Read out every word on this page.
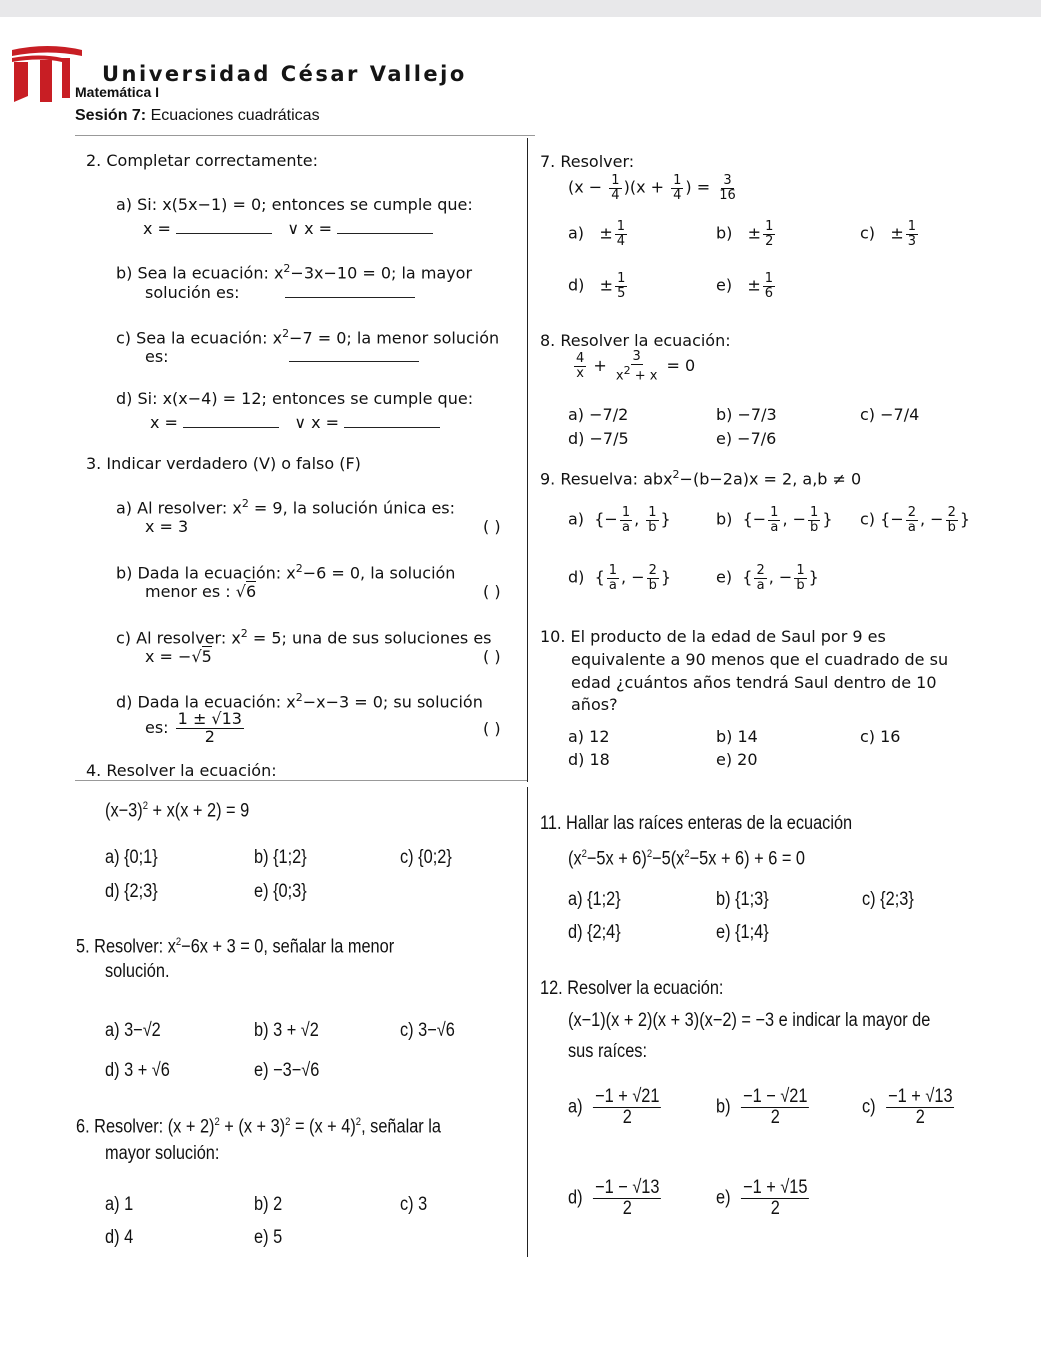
Universidad César Vallejo
Matemática I
Sesión 7: Ecuaciones cuadráticas
2. Completar correctamente:
a) Si: x(5x−1) = 0; entonces se cumple que:
x =	∨ x =
b) Sea la ecuación: $x^2-3x-10 = 0$; la mayor
solución es:
c) Sea la ecuación: $x^2-7 = 0$; la menor solución
es:
d) Si: x(x−4) = 12; entonces se cumple que:
x =	∨ x =
3. Indicar verdadero (V) o falso (F)
a) Al resolver: $x^2 = 9$, la solución única es:
x = 3	( )
b) Dada la ecuación: $x^2-6 = 0$, la solución
menor es : √6	( )
c) Al resolver: $x^2 = 5$; una de sus soluciones es
x = −√5	( )
d) Dada la ecuación: $x^2-x-3 = 0$; su solución
es: $\frac{1 \pm √13}{2}$	( )
4. Resolver la ecuación:
$(x-3)^2 + x(x + 2) = 9$
a) {0;1}	b) {1;2}	c) {0;2}
d) {2;3}	e) {0;3}
5. Resolver: $x^2-6x + 3 = 0$, señalar la menor
solución.
a) 3−√2	b) 3 + √2	c) 3−√6
d) 3 + √6	e) −3−√6
6. Resolver: $(x + 2)^2 + (x + 3)^2 = (x + 4)^2$, señalar la
mayor solución:
a) 1	b) 2	c) 3
d) 4	e) 5
7. Resolver:
$(x - \frac{1}{4} )(x + \frac{1}{4}$ ) = $\frac{3}{16}$
$a) \pm \frac{1}{4}$	$b) \pm \frac{1}{2}$	$c) \pm \frac{1}{3}$
$d) \pm \frac{1}{5}$	$e) \pm \frac{1}{6}$
8. Resolver la ecuación:
$\frac{4}{x} + \frac{3}{x^2 + x} = 0$
a) −7/2	b) −7/3	c) −7/4
d) −7/5	e) −7/6
9. Resuelva: abx$^2$−(b−2a)x = 2, a,b ≠ 0
a)  {− $\frac{1}{a}$ , $\frac{1}{b}$ }	b)  {− $\frac{1}{a}$ , − $\frac{1}{b}$ } c) {− $\frac{2}{a}$ , − $\frac{2}{b}$ }
d)  { $\frac{1}{a}$ , − $\frac{2}{b}$ }	e)  { $\frac{2}{a}$ , − $\frac{1}{b}$ }
10. El producto de la edad de Saul por 9 es
equivalente a 90 menos que el cuadrado de su
edad ¿cuántos años tendrá Saul dentro de 10
años?
a) 12	b) 14	c) 16
d) 18	e) 20
11. Hallar las raíces enteras de la ecuación
$(x^2-5x + 6)^2-5(x^2-5x + 6) + 6 = 0$
a) {1;2}	b) {1;3}	c) {2;3}
d) {2;4}	e) {1;4}
12. Resolver la ecuación:
(x−1)(x + 2)(x + 3)(x−2) = −3 e indicar la mayor de
sus raíces:
$a) \frac{-1 + √21}{2}$	$b) \frac{-1 - √21}{2}$	$c) \frac{-1 + √13}{2}$
$d) \frac{-1 - √13}{2}$	$e) \frac{-1 + √15}{2}$
